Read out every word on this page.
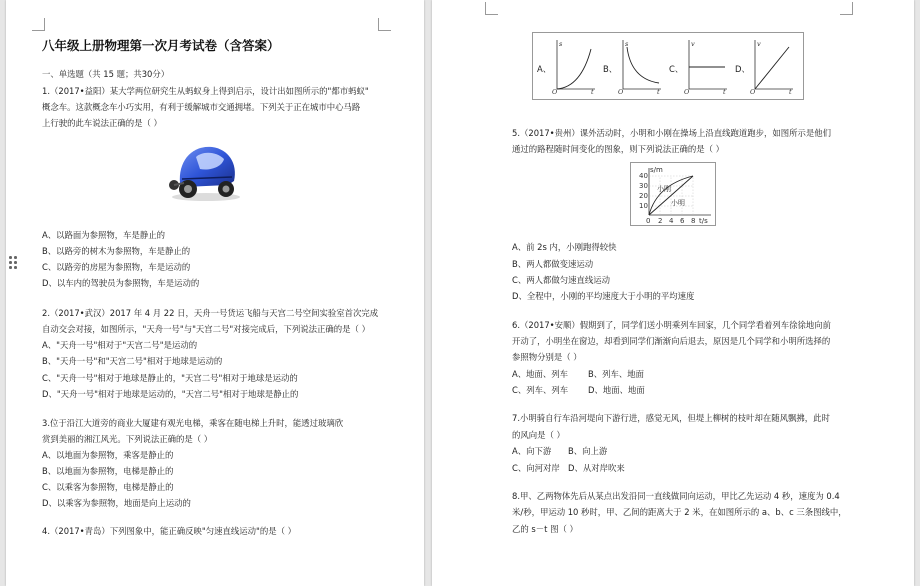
八年级上册物理第一次月考试卷（含答案）
一、单选题（共 15 题；共30分）
1.（2017•益阳）某大学两位研究生从蚂蚁身上得到启示，设计出如图所示的"都市蚂蚁"
概念车。这款概念车小巧实用，有利于缓解城市交通拥堵。下列关于正在城市中心马路
上行驶的此车说法正确的是（ ）
A、以路面为参照物，车是静止的
B、以路旁的树木为参照物，车是静止的
C、以路旁的房屋为参照物，车是运动的
D、以车内的驾驶员为参照物，车是运动的
2.（2017•武汉）2017 年 4 月 22 日，天舟一号货运飞船与天宫二号空间实验室首次完成
自动交会对接，如图所示，"天舟一号"与"天宫二号"对接完成后，下列说法正确的是（ ）
A、"天舟一号"相对于"天宫二号"是运动的
B、"天舟一号"和"天宫二号"相对于地球是运动的
C、"天舟一号"相对于地球是静止的，"天宫二号"相对于地球是运动的
D、"天舟一号"相对于地球是运动的，"天宫二号"相对于地球是静止的
3.位于沿江大道旁的商业大厦建有观光电梯，乘客在随电梯上升时，能透过玻璃欣
赏到美丽的湘江风光。下列说法正确的是（ ）
A、以地面为参照物，乘客是静止的
B、以地面为参照物，电梯是静止的
C、以乘客为参照物，电梯是静止的
D、以乘客为参照物，地面是向上运动的
4.（2017•青岛）下列图象中，能正确反映"匀速直线运动"的是（ ）
A、
s
t
O
B、
s
t
O
C、
v
t
O
D、
v
t
O
5.（2017•贵州）课外活动时，小明和小刚在操场上沿直线跑道跑步，如图所示是他们
通过的路程随时间变化的图象，则下列说法正确的是（ ）
s/m
t/s
40
30
20
10
0 2 4 6 8
小刚
小明
A、前 2s 内，小刚跑得较快
B、两人都做变速运动
C、两人都做匀速直线运动
D、全程中，小刚的平均速度大于小明的平均速度
6.（2017•安顺）假期到了，同学们送小明乘列车回家，几个同学看着列车徐徐地向前
开动了，小明坐在窗边，却看到同学们渐渐向后退去，原因是几个同学和小明所选择的
参照物分别是（ ）
A、地面、列车 B、列车、地面
C、列车、列车 D、地面、地面
7.小明骑自行车沿河堤向下游行进，感觉无风，但堤上柳树的枝叶却在随风飘拂，此时
的风向是（ ）
A、向下游 B、向上游
C、向河对岸 D、从对岸吹来
8.甲、乙两物体先后从某点出发沿同一直线做同向运动，甲比乙先运动 4 秒，速度为 0.4
米/秒，甲运动 10 秒时，甲、乙间的距离大于 2 米，在如图所示的 a、b、c 三条图线中，
乙的 s－t 图（ ）
